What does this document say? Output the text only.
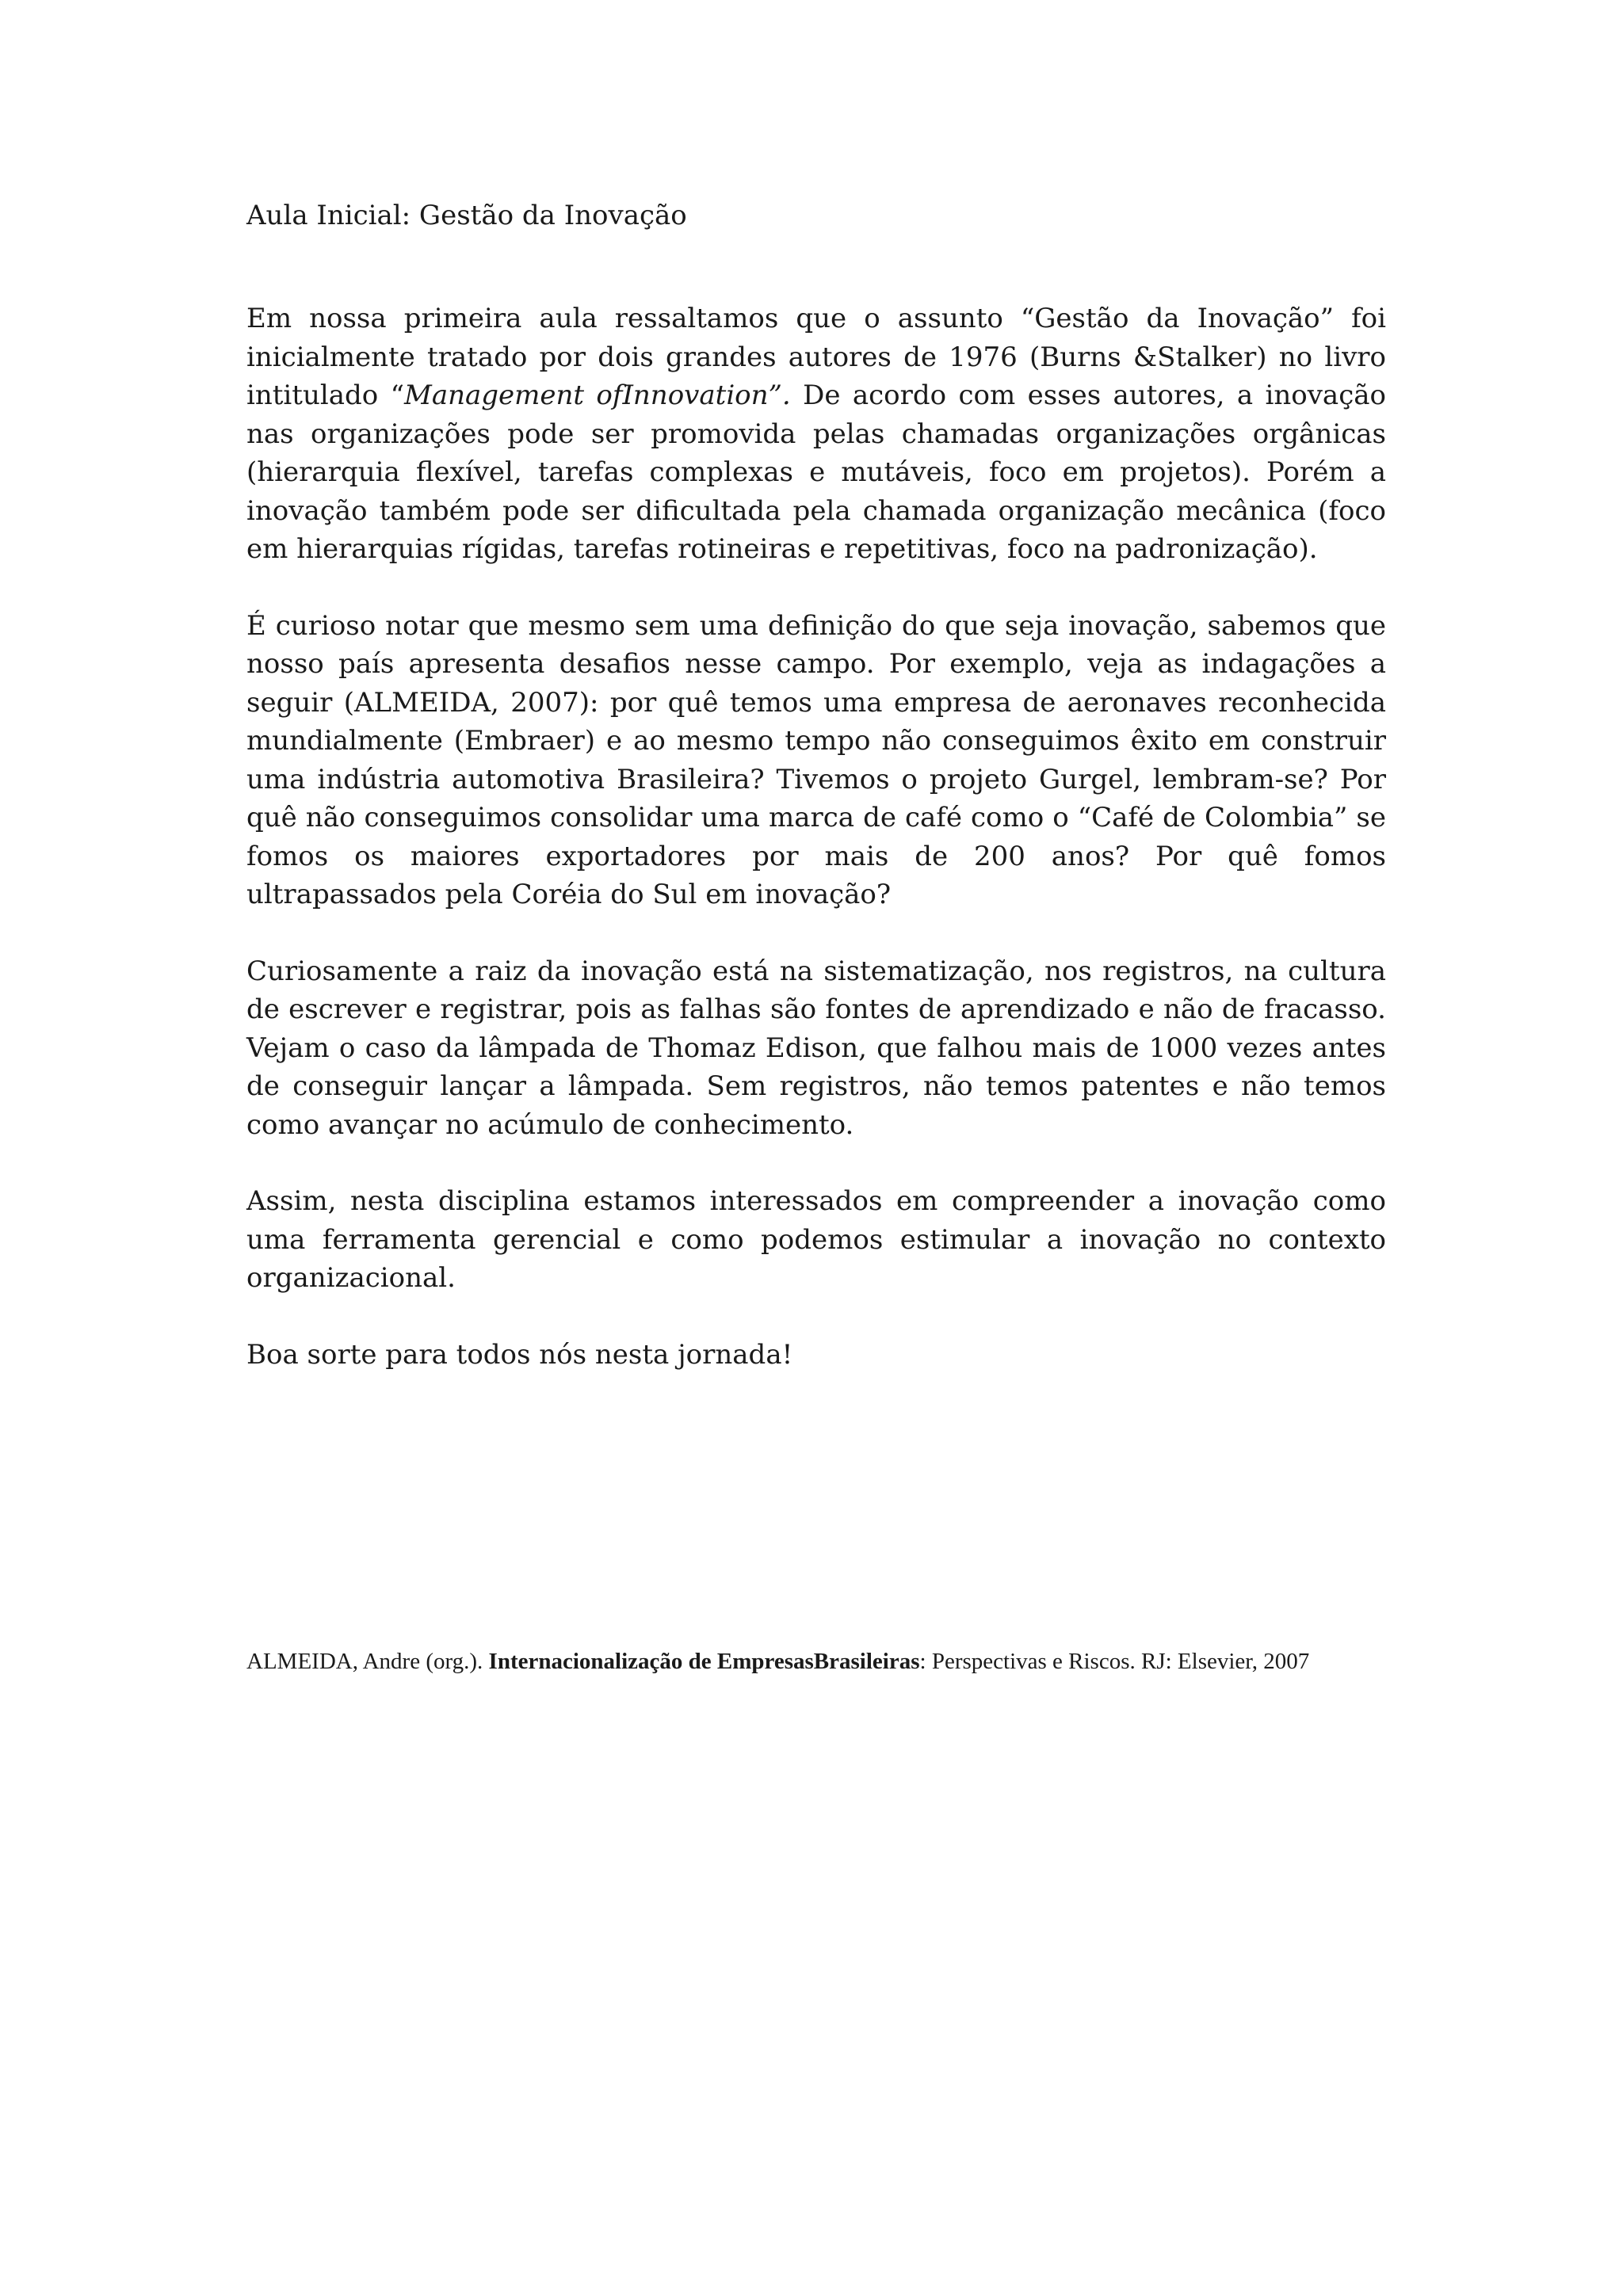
Aula Inicial: Gestão da Inovação

Em nossa primeira aula ressaltamos que o assunto “Gestão da Inovação” foi inicialmente tratado por dois grandes autores de 1976 (Burns &Stalker) no livro intitulado “Management ofInnovation”. De acordo com esses autores, a inovação nas organizações pode ser promovida pelas chamadas organizações orgânicas (hierarquia flexível, tarefas complexas e mutáveis, foco em projetos). Porém a inovação também pode ser dificultada pela chamada organização mecânica (foco em hierarquias rígidas, tarefas rotineiras e repetitivas, foco na padronização).

É curioso notar que mesmo sem uma definição do que seja inovação, sabemos que nosso país apresenta desafios nesse campo. Por exemplo, veja as indagações a seguir (ALMEIDA, 2007): por quê temos uma empresa de aeronaves reconhecida mundialmente (Embraer) e ao mesmo tempo não conseguimos êxito em construir uma indústria automotiva Brasileira? Tivemos o projeto Gurgel, lembram-se? Por quê não conseguimos consolidar uma marca de café como o “Café de Colombia” se fomos os maiores exportadores por mais de 200 anos? Por quê fomos ultrapassados pela Coréia do Sul em inovação?

Curiosamente a raiz da inovação está na sistematização, nos registros, na cultura de escrever e registrar, pois as falhas são fontes de aprendizado e não de fracasso. Vejam o caso da lâmpada de Thomaz Edison, que falhou mais de 1000 vezes antes de conseguir lançar a lâmpada. Sem registros, não temos patentes e não temos como avançar no acúmulo de conhecimento.

Assim, nesta disciplina estamos interessados em compreender a inovação como uma ferramenta gerencial e como podemos estimular a inovação no contexto organizacional.

Boa sorte para todos nós nesta jornada!

ALMEIDA, Andre (org.). Internacionalização de EmpresasBrasileiras: Perspectivas e Riscos. RJ: Elsevier, 2007
